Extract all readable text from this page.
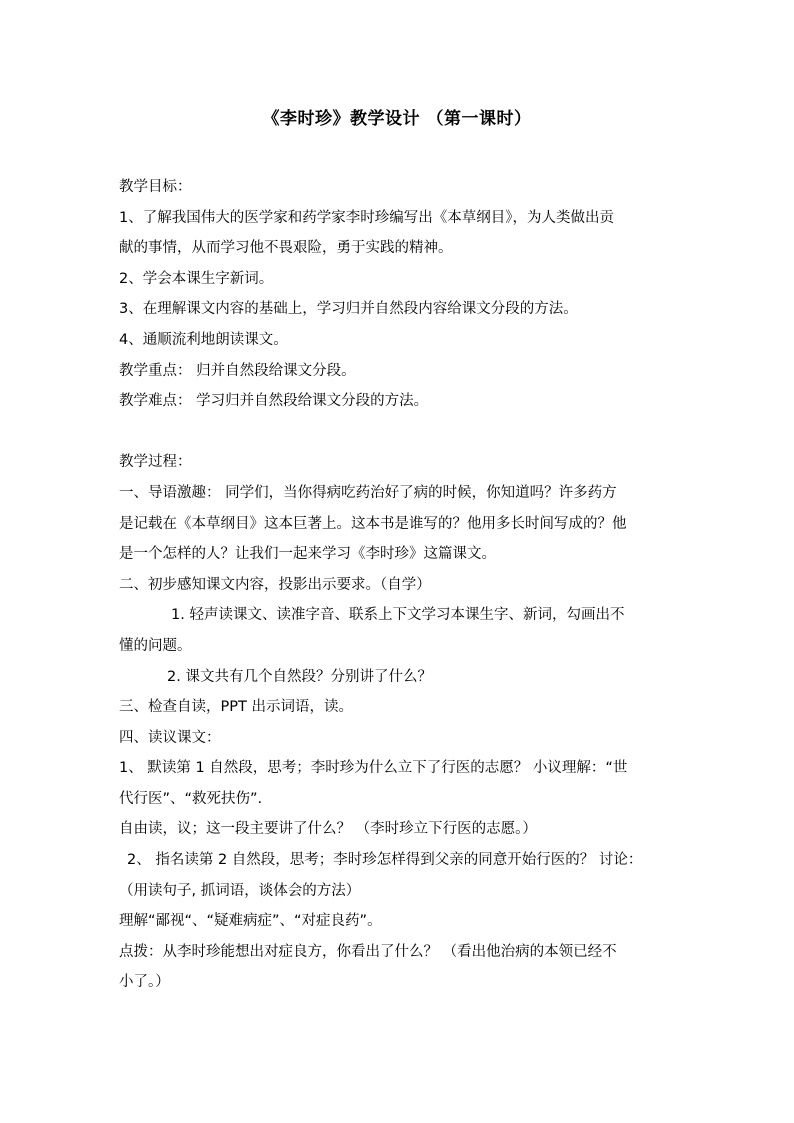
《李时珍》教学设计 （第一课时）
教学目标：
1、了解我国伟大的医学家和药学家李时珍编写出《本草纲目》，为人类做出贡
献的事情，从而学习他不畏艰险，勇于实践的精神。
2、学会本课生字新词。
3、在理解课文内容的基础上，学习归并自然段内容给课文分段的方法。
4、通顺流利地朗读课文。
教学重点： 归并自然段给课文分段。
教学难点： 学习归并自然段给课文分段的方法。
教学过程：
一、导语激趣： 同学们，当你得病吃药治好了病的时候，你知道吗？许多药方
是记载在《本草纲目》这本巨著上。这本书是谁写的？他用多长时间写成的？他
是一个怎样的人？让我们一起来学习《李时珍》这篇课文。
二、初步感知课文内容，投影出示要求。（自学）
1. 轻声读课文、读准字音、联系上下文学习本课生字、新词，勾画出不
懂的问题。
2. 课文共有几个自然段？分别讲了什么？
三、检查自读，PPT 出示词语，读。
四、读议课文：
1、 默读第 1 自然段，思考；李时珍为什么立下了行医的志愿？ 小议理解：“世
代行医”、“救死扶伤”.
自由读，议；这一段主要讲了什么？ （李时珍立下行医的志愿。）
2、 指名读第 2 自然段，思考；李时珍怎样得到父亲的同意开始行医的？ 讨论：
（用读句子, 抓词语，谈体会的方法）
理解“鄙视“、“疑难病症”、“对症良药”。
点拨：从李时珍能想出对症良方，你看出了什么？ （看出他治病的本领已经不
小了。）
